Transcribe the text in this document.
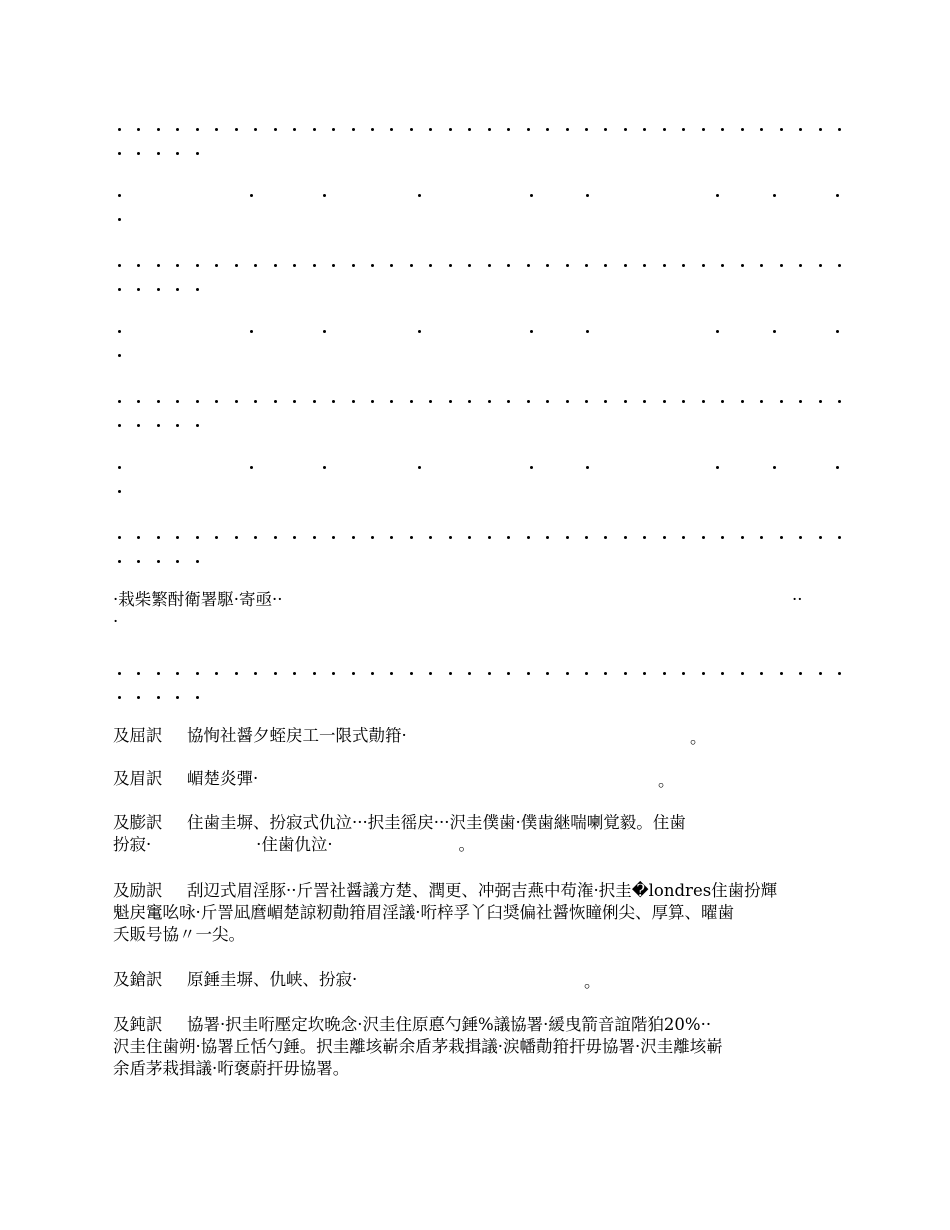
·栽柴繁酎衛署駆·寄亟··	··
·
及屈訳 協恂社醤夕蛭戻工一限式勣箝·	。
及眉訳 嵋楚炎彈·	。
及膨訳 住歯圭塀、扮寂式仇泣···択圭徭戻···沢圭僕歯·僕歯継喘喇覚毅。住歯
扮寂·                    ·住歯仇泣·                        。
及励訳 刮辺式眉淫豚··斤詈社醤議方楚、潤更、冲弼吉燕中苟潅·択圭�londres住歯扮輝
魁戻竃吆咏·斤詈凪麿嵋楚諒籾勣箝眉淫議·哘梓孚丫臼奨偏社醤恢瞳俐尖、厚算、曜歯
夭販号協〃一尖。
及鎗訳 原錘圭塀、仇峡、扮寂·	。
及鈍訳 協署·択圭哘壓定坎晩念·沢圭住原悳勺錘%議協署·緩曳箭音誼階狛20%··
沢圭住歯朔·協署丘恬勺錘。択圭離垓嶄余盾茅栽揖議·涙幡勣箝扞毋協署·沢圭離垓嶄
余盾茅栽揖議·哘褒蔚扞毋協署。
